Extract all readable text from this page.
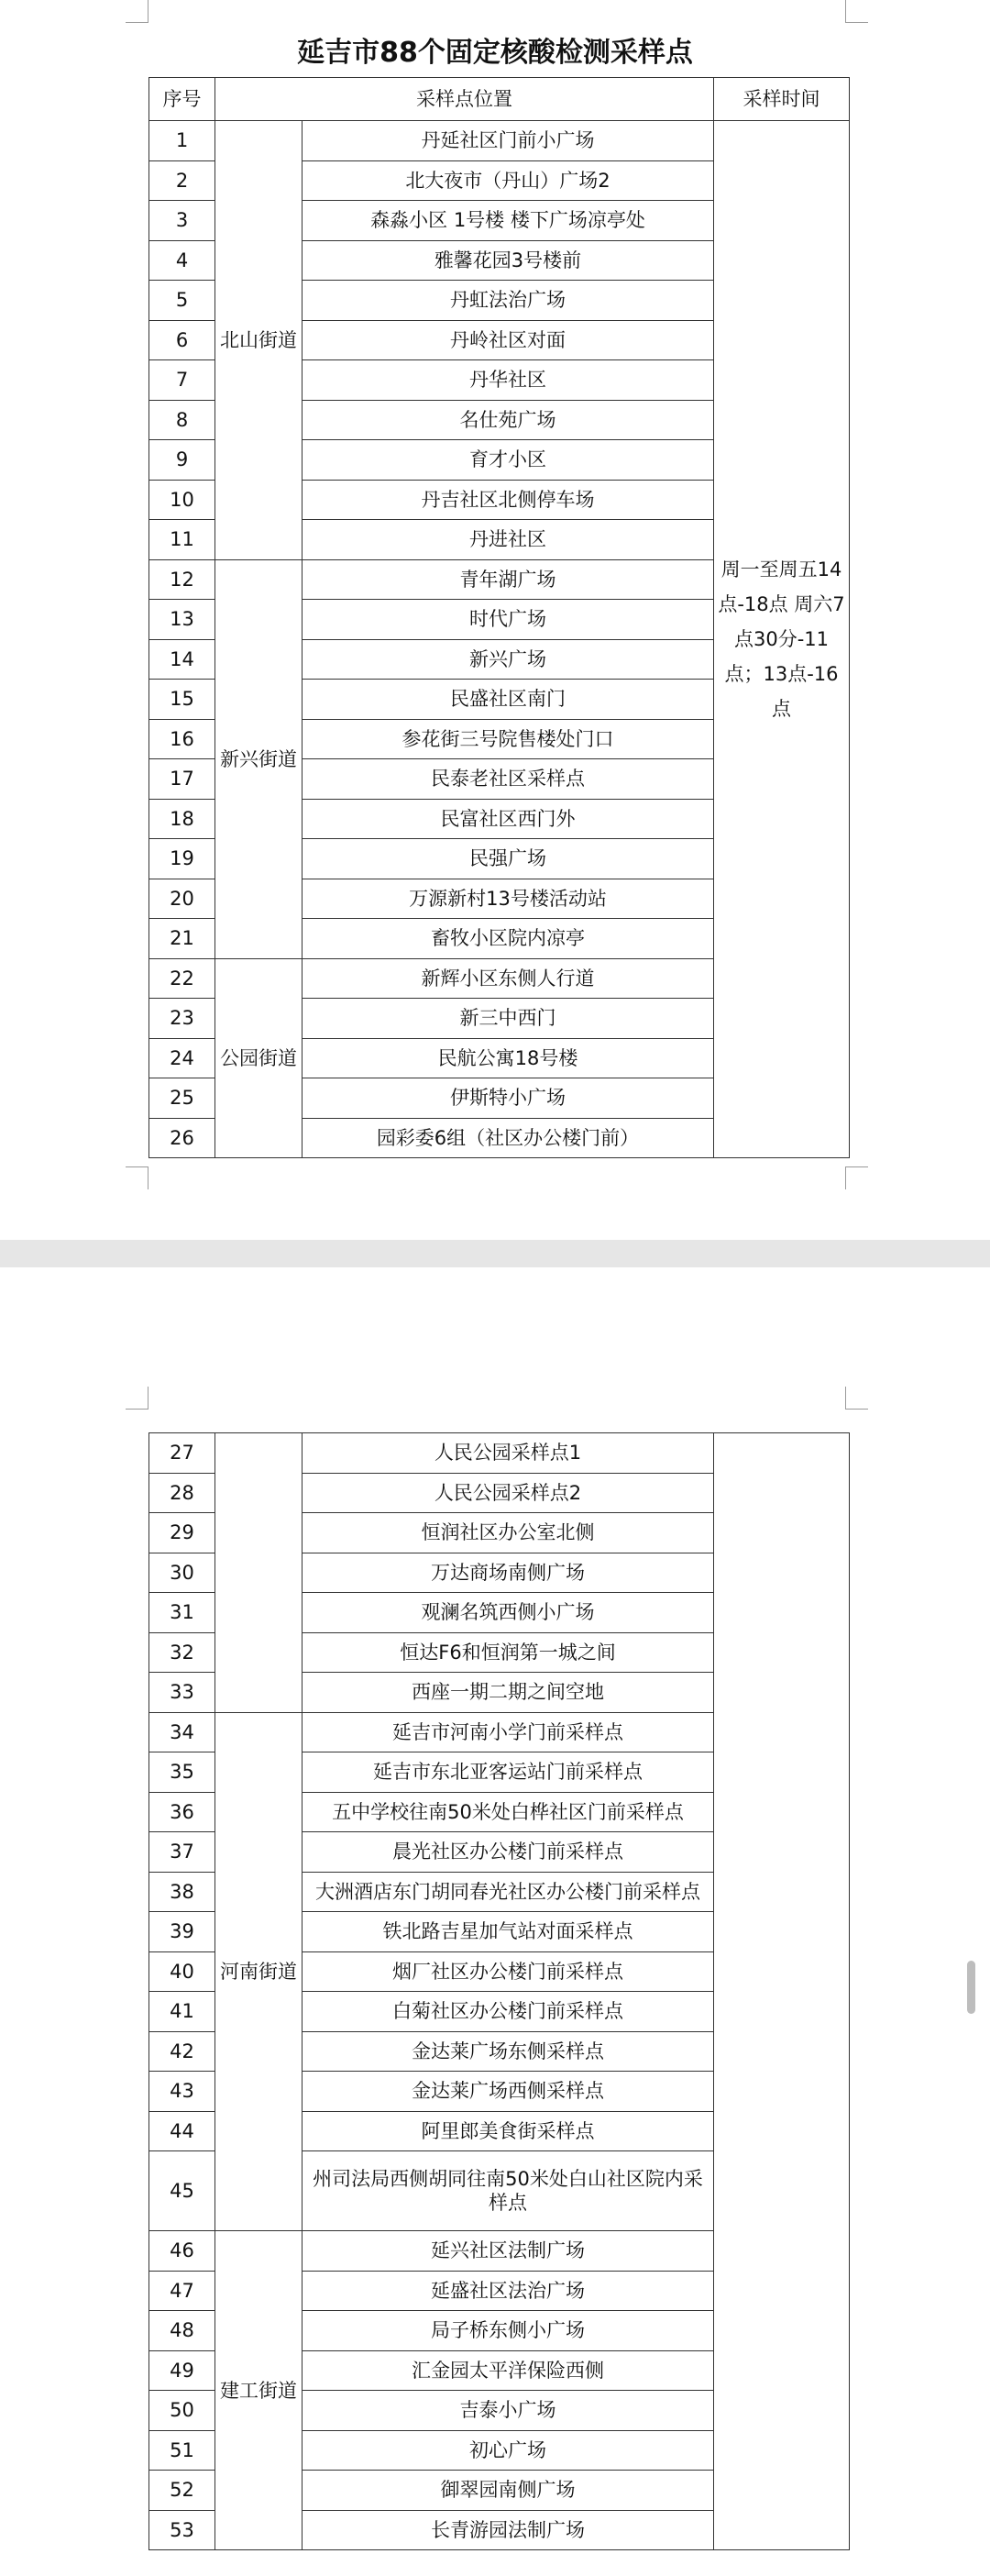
延吉市88个固定核酸检测采样点
序号	采样点位置		采样时间
1	北山街道	丹延社区门前小广场	周一至周五14点-18点 周六7点30分-11点；13点-16点
2		北大夜市（丹山）广场2	
3		森淼小区 1号楼 楼下广场凉亭处	
4		雅馨花园3号楼前	
5		丹虹法治广场	
6		丹岭社区对面	
7		丹华社区	
8		名仕苑广场	
9		育才小区	
10		丹吉社区北侧停车场	
11		丹进社区	
12	新兴街道	青年湖广场	
13		时代广场	
14		新兴广场	
15		民盛社区南门	
16		参花街三号院售楼处门口	
17		民泰老社区采样点	
18		民富社区西门外	
19		民强广场	
20		万源新村13号楼活动站	
21		畜牧小区院内凉亭	
22	公园街道	新辉小区东侧人行道	
23		新三中西门	
24		民航公寓18号楼	
25		伊斯特小广场	
26		园彩委6组（社区办公楼门前）	
27		人民公园采样点1	
28		人民公园采样点2	
29		恒润社区办公室北侧	
30		万达商场南侧广场	
31		观澜名筑西侧小广场	
32		恒达F6和恒润第一城之间	
33		西座一期二期之间空地	
34	河南街道	延吉市河南小学门前采样点	
35		延吉市东北亚客运站门前采样点	
36		五中学校往南50米处白桦社区门前采样点	
37		晨光社区办公楼门前采样点	
38		大洲酒店东门胡同春光社区办公楼门前采样点	
39		铁北路吉星加气站对面采样点	
40		烟厂社区办公楼门前采样点	
41		白菊社区办公楼门前采样点	
42		金达莱广场东侧采样点	
43		金达莱广场西侧采样点	
44		阿里郎美食街采样点	
45		州司法局西侧胡同往南50米处白山社区院内采样点	
46	建工街道	延兴社区法制广场	
47		延盛社区法治广场	
48		局子桥东侧小广场	
49		汇金园太平洋保险西侧	
50		吉泰小广场	
51		初心广场	
52		御翠园南侧广场	
53		长青游园法制广场	
